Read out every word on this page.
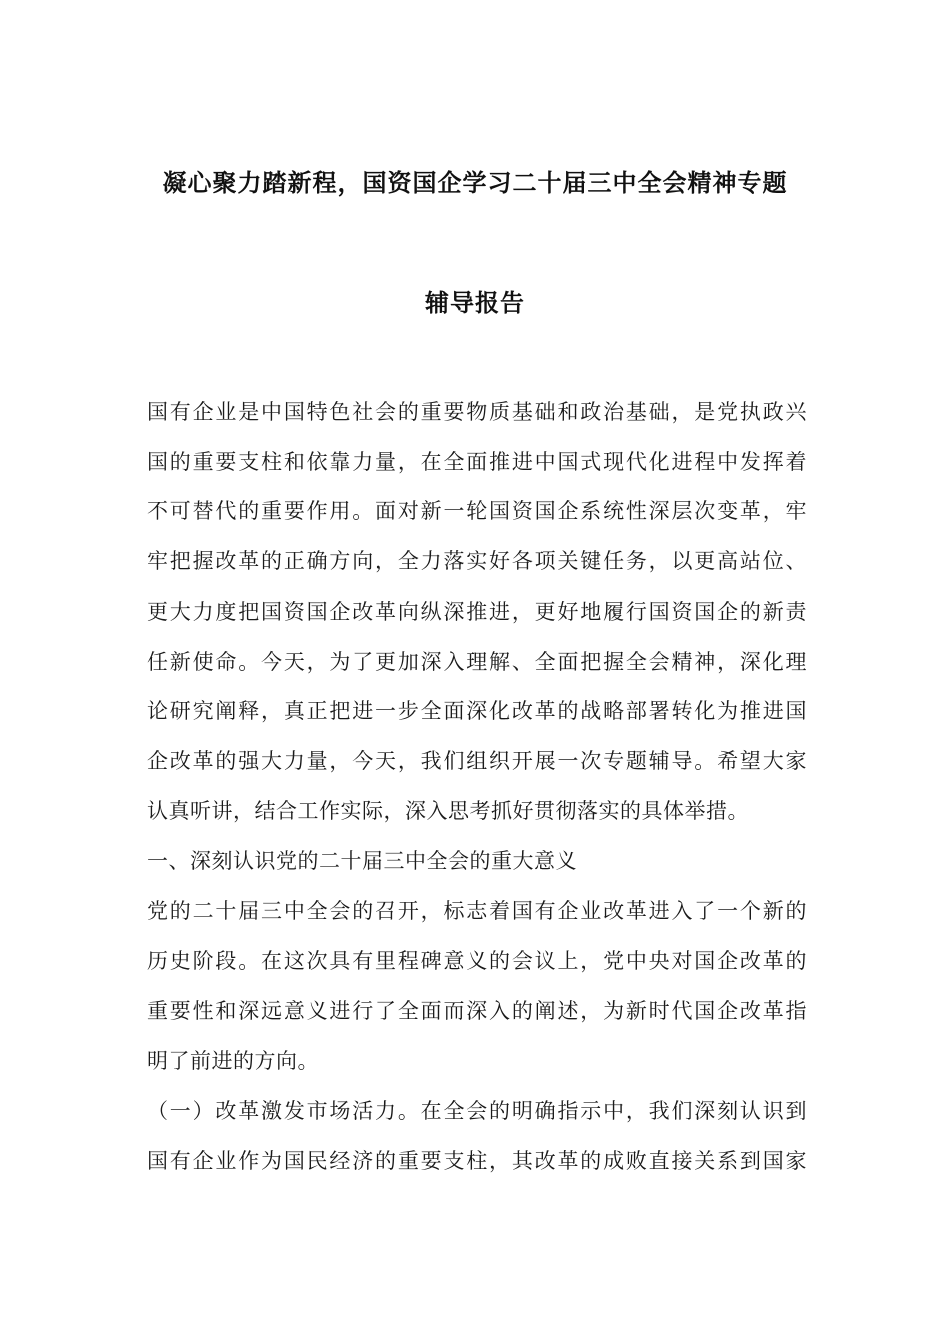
凝心聚力踏新程，国资国企学习二十届三中全会精神专题
辅导报告
国有企业是中国特色社会的重要物质基础和政治基础，是党执政兴
国的重要支柱和依靠力量，在全面推进中国式现代化进程中发挥着
不可替代的重要作用。面对新一轮国资国企系统性深层次变革，牢
牢把握改革的正确方向，全力落实好各项关键任务，以更高站位、
更大力度把国资国企改革向纵深推进，更好地履行国资国企的新责
任新使命。今天，为了更加深入理解、全面把握全会精神，深化理
论研究阐释，真正把进一步全面深化改革的战略部署转化为推进国
企改革的强大力量，今天，我们组织开展一次专题辅导。希望大家
认真听讲，结合工作实际，深入思考抓好贯彻落实的具体举措。
一、深刻认识党的二十届三中全会的重大意义
党的二十届三中全会的召开，标志着国有企业改革进入了一个新的
历史阶段。在这次具有里程碑意义的会议上，党中央对国企改革的
重要性和深远意义进行了全面而深入的阐述，为新时代国企改革指
明了前进的方向。
（一）改革激发市场活力。在全会的明确指示中，我们深刻认识到
国有企业作为国民经济的重要支柱，其改革的成败直接关系到国家
